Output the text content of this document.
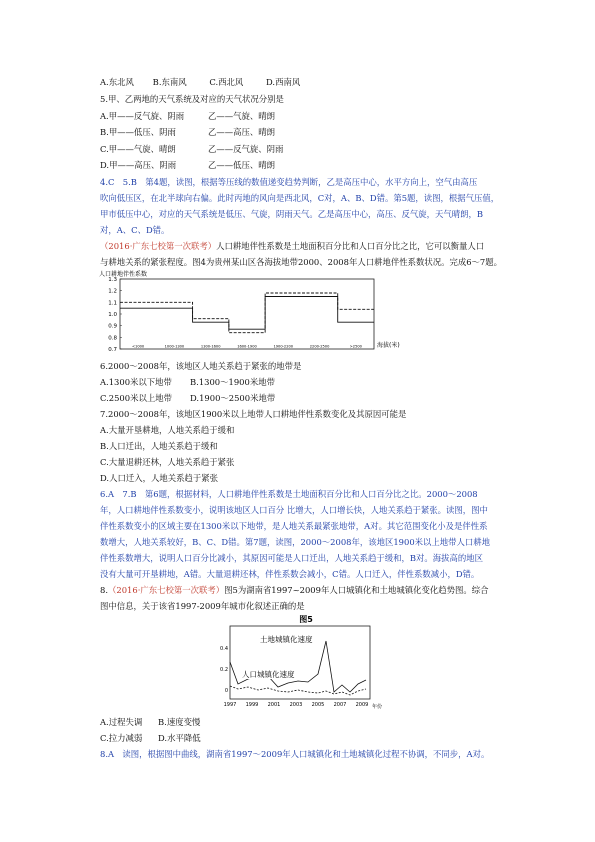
A.东北风 B.东南风	C.西北风	D.西南风
5.甲、乙两地的天气系统及对应的天气状况分别是
A.甲——反气旋、阴雨	乙——气旋、晴朗
B.甲——低压、阴雨	乙——高压、晴朗
C.甲——气旋、晴朗	乙——反气旋、阴雨
D.甲——高压、阴雨	乙——低压、晴朗
4.C　5.B　第4题，读图，根据等压线的数值递变趋势判断，乙是高压中心，水平方向上，空气由高压
吹向低压区，在北半球向右偏。此时丙地的风向是西北风，C对，A、B、D错。第5题，读图，根据气压值，
甲市低压中心，对应的天气系统是低压、气旋，阴雨天气。乙是高压中心，高压、反气旋，天气晴朗，B
对，A、C、D错。
（2016·广东七校第一次联考）人口耕地伴性系数是土地面积百分比和人口百分比之比，它可以衡量人口
与耕地关系的紧张程度。图4为贵州某山区各海拔地带2000、2008年人口耕地伴性系数状况。完成6～7题。
人口耕地伴性系数
1.3
1.2
1.1
1.0
0.9
0.8
0.7
<1000	1000-1300	1300-1600	1600-1900	1900-2200	2200-2500	>2500	海拔(米)
6.2000～2008年，该地区人地关系趋于紧张的地带是
A.1300米以下地带 B.1300～1900米地带
C.2500米以上地带 D.1900～2500米地带
7.2000～2008年，该地区1900米以上地带人口耕地伴性系数变化及其原因可能是
A.大量开垦耕地，人地关系趋于缓和
B.人口迁出，人地关系趋于缓和
C.大量退耕还林，人地关系趋于紧张
D.人口迁入，人地关系趋于紧张
6.A　7.B　第6题，根据材料，人口耕地伴性系数是土地面积百分比和人口百分比之比。2000～2008
年，人口耕地伴性系数变小，说明该地区人口百分 比增大，人口增长快，人地关系趋于紧张。读图，图中
伴性系数变小的区域主要在1300米以下地带，是人地关系最紧张地带，A对。其它范围变化小及是伴性系
数增大，人地关系较好，B、C、D错。第7题，读图，2000～2008年，该地区1900米以上地带人口耕地
伴性系数增大，说明人口百分比减小，其原因可能是人口迁出，人地关系趋于缓和，B对。海拔高的地区
没有大量可开垦耕地，A错。大量退耕还林，伴性系数会减小，C错。人口迁入，伴性系数减小，D错。
8.（2016·广东七校第一次联考）图5为湖南省1997~2009年人口城镇化和土地城镇化变化趋势图。综合
图中信息，关于该省1997-2009年城市化叙述正确的是
图5
0.4
0.2
0
1997 1999 2001 2003 2005 2007 2009
土地城镇化速度
人口城镇化速度
年份
A.过程失调 B.速度变慢
C.拉力减弱 D.水平降低
8.A　读图，根据图中曲线，湖南省1997～2009年人口城镇化和土地城镇化过程不协调，不同步，A对。
